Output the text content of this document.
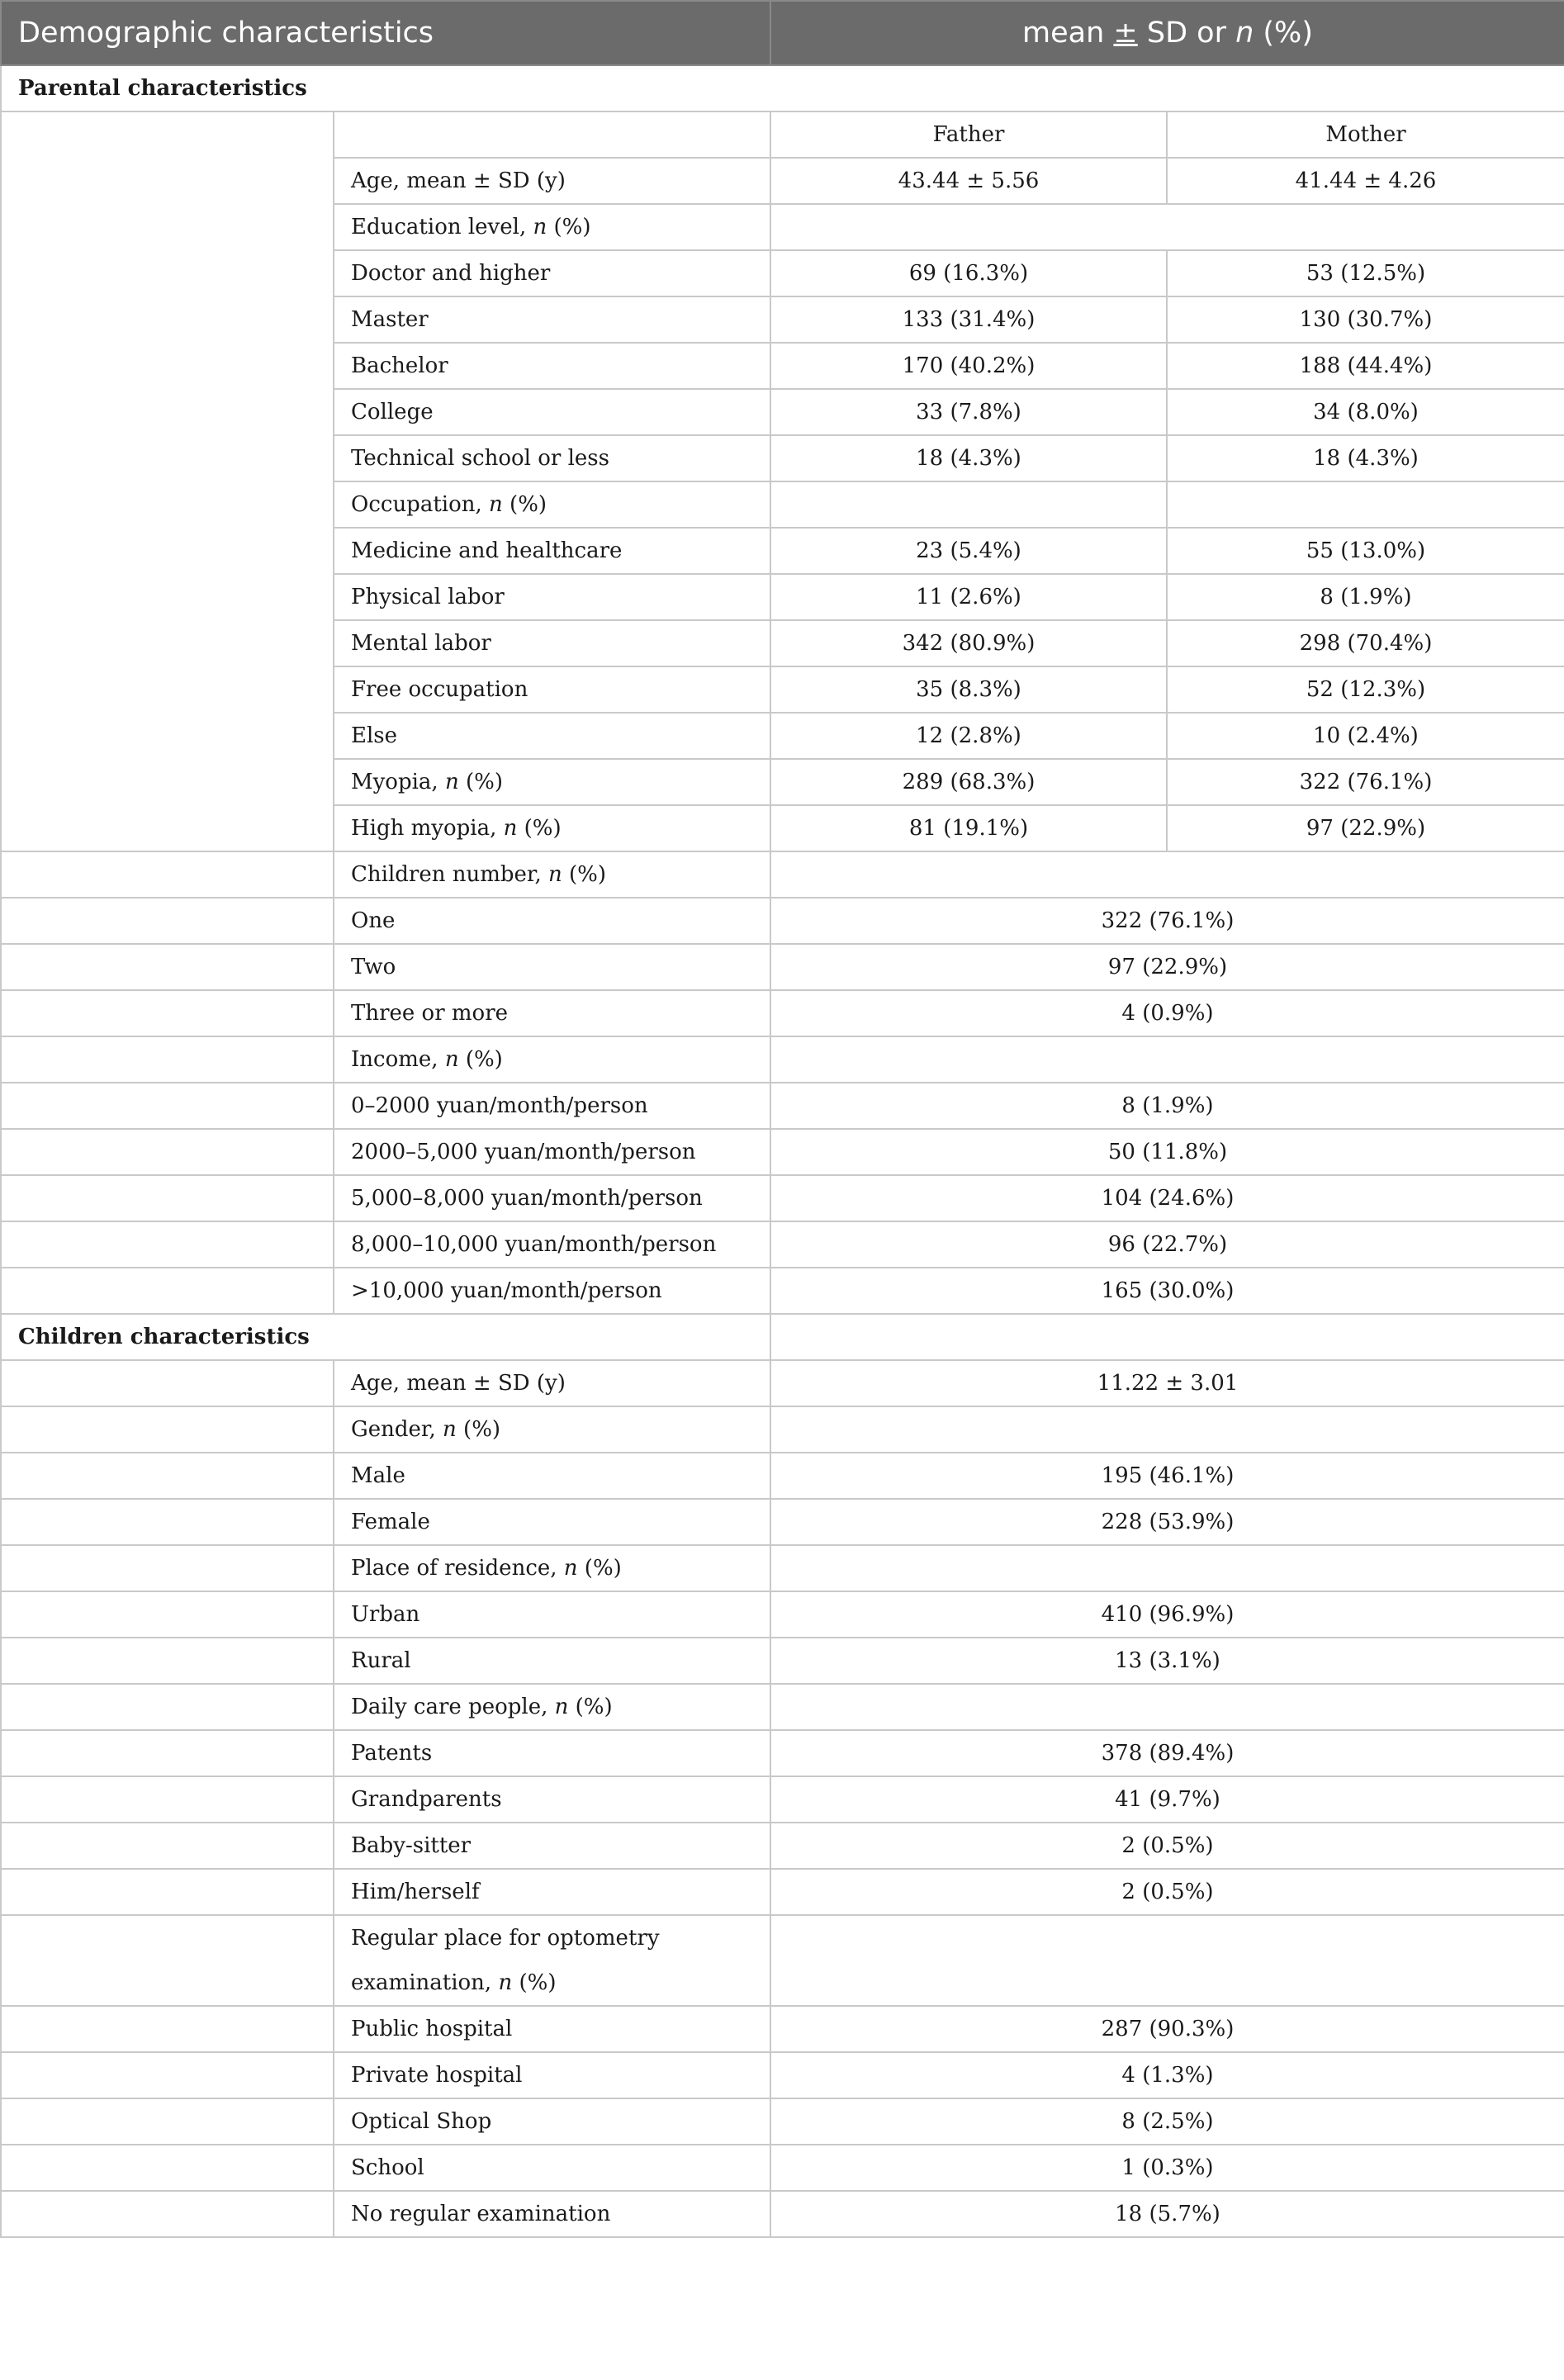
Demographic characteristics		mean ± SD or n (%)	
Parental characteristics			
		Father	Mother
	Age, mean ± SD (y)	43.44 ± 5.56	41.44 ± 4.26
	Education level, n (%)		
	Doctor and higher	69 (16.3%)	53 (12.5%)
	Master	133 (31.4%)	130 (30.7%)
	Bachelor	170 (40.2%)	188 (44.4%)
	College	33 (7.8%)	34 (8.0%)
	Technical school or less	18 (4.3%)	18 (4.3%)
	Occupation, n (%)		
	Medicine and healthcare	23 (5.4%)	55 (13.0%)
	Physical labor	11 (2.6%)	8 (1.9%)
	Mental labor	342 (80.9%)	298 (70.4%)
	Free occupation	35 (8.3%)	52 (12.3%)
	Else	12 (2.8%)	10 (2.4%)
	Myopia, n (%)	289 (68.3%)	322 (76.1%)
	High myopia, n (%)	81 (19.1%)	97 (22.9%)
	Children number, n (%)		
	One	322 (76.1%)	
	Two	97 (22.9%)	
	Three or more	4 (0.9%)	
	Income, n (%)		
	0–2000 yuan/month/person	8 (1.9%)	
	2000–5,000 yuan/month/person	50 (11.8%)	
	5,000–8,000 yuan/month/person	104 (24.6%)	
	8,000–10,000 yuan/month/person	96 (22.7%)	
	>10,000 yuan/month/person	165 (30.0%)	
Children characteristics			
	Age, mean ± SD (y)	11.22 ± 3.01	
	Gender, n (%)		
	Male	195 (46.1%)	
	Female	228 (53.9%)	
	Place of residence, n (%)		
	Urban	410 (96.9%)	
	Rural	13 (3.1%)	
	Daily care people, n (%)		
	Patents	378 (89.4%)	
	Grandparents	41 (9.7%)	
	Baby-sitter	2 (0.5%)	
	Him/herself	2 (0.5%)	
	Regular place for optometry examination, n (%)		
	Public hospital	287 (90.3%)	
	Private hospital	4 (1.3%)	
	Optical Shop	8 (2.5%)	
	School	1 (0.3%)	
	No regular examination	18 (5.7%)	
